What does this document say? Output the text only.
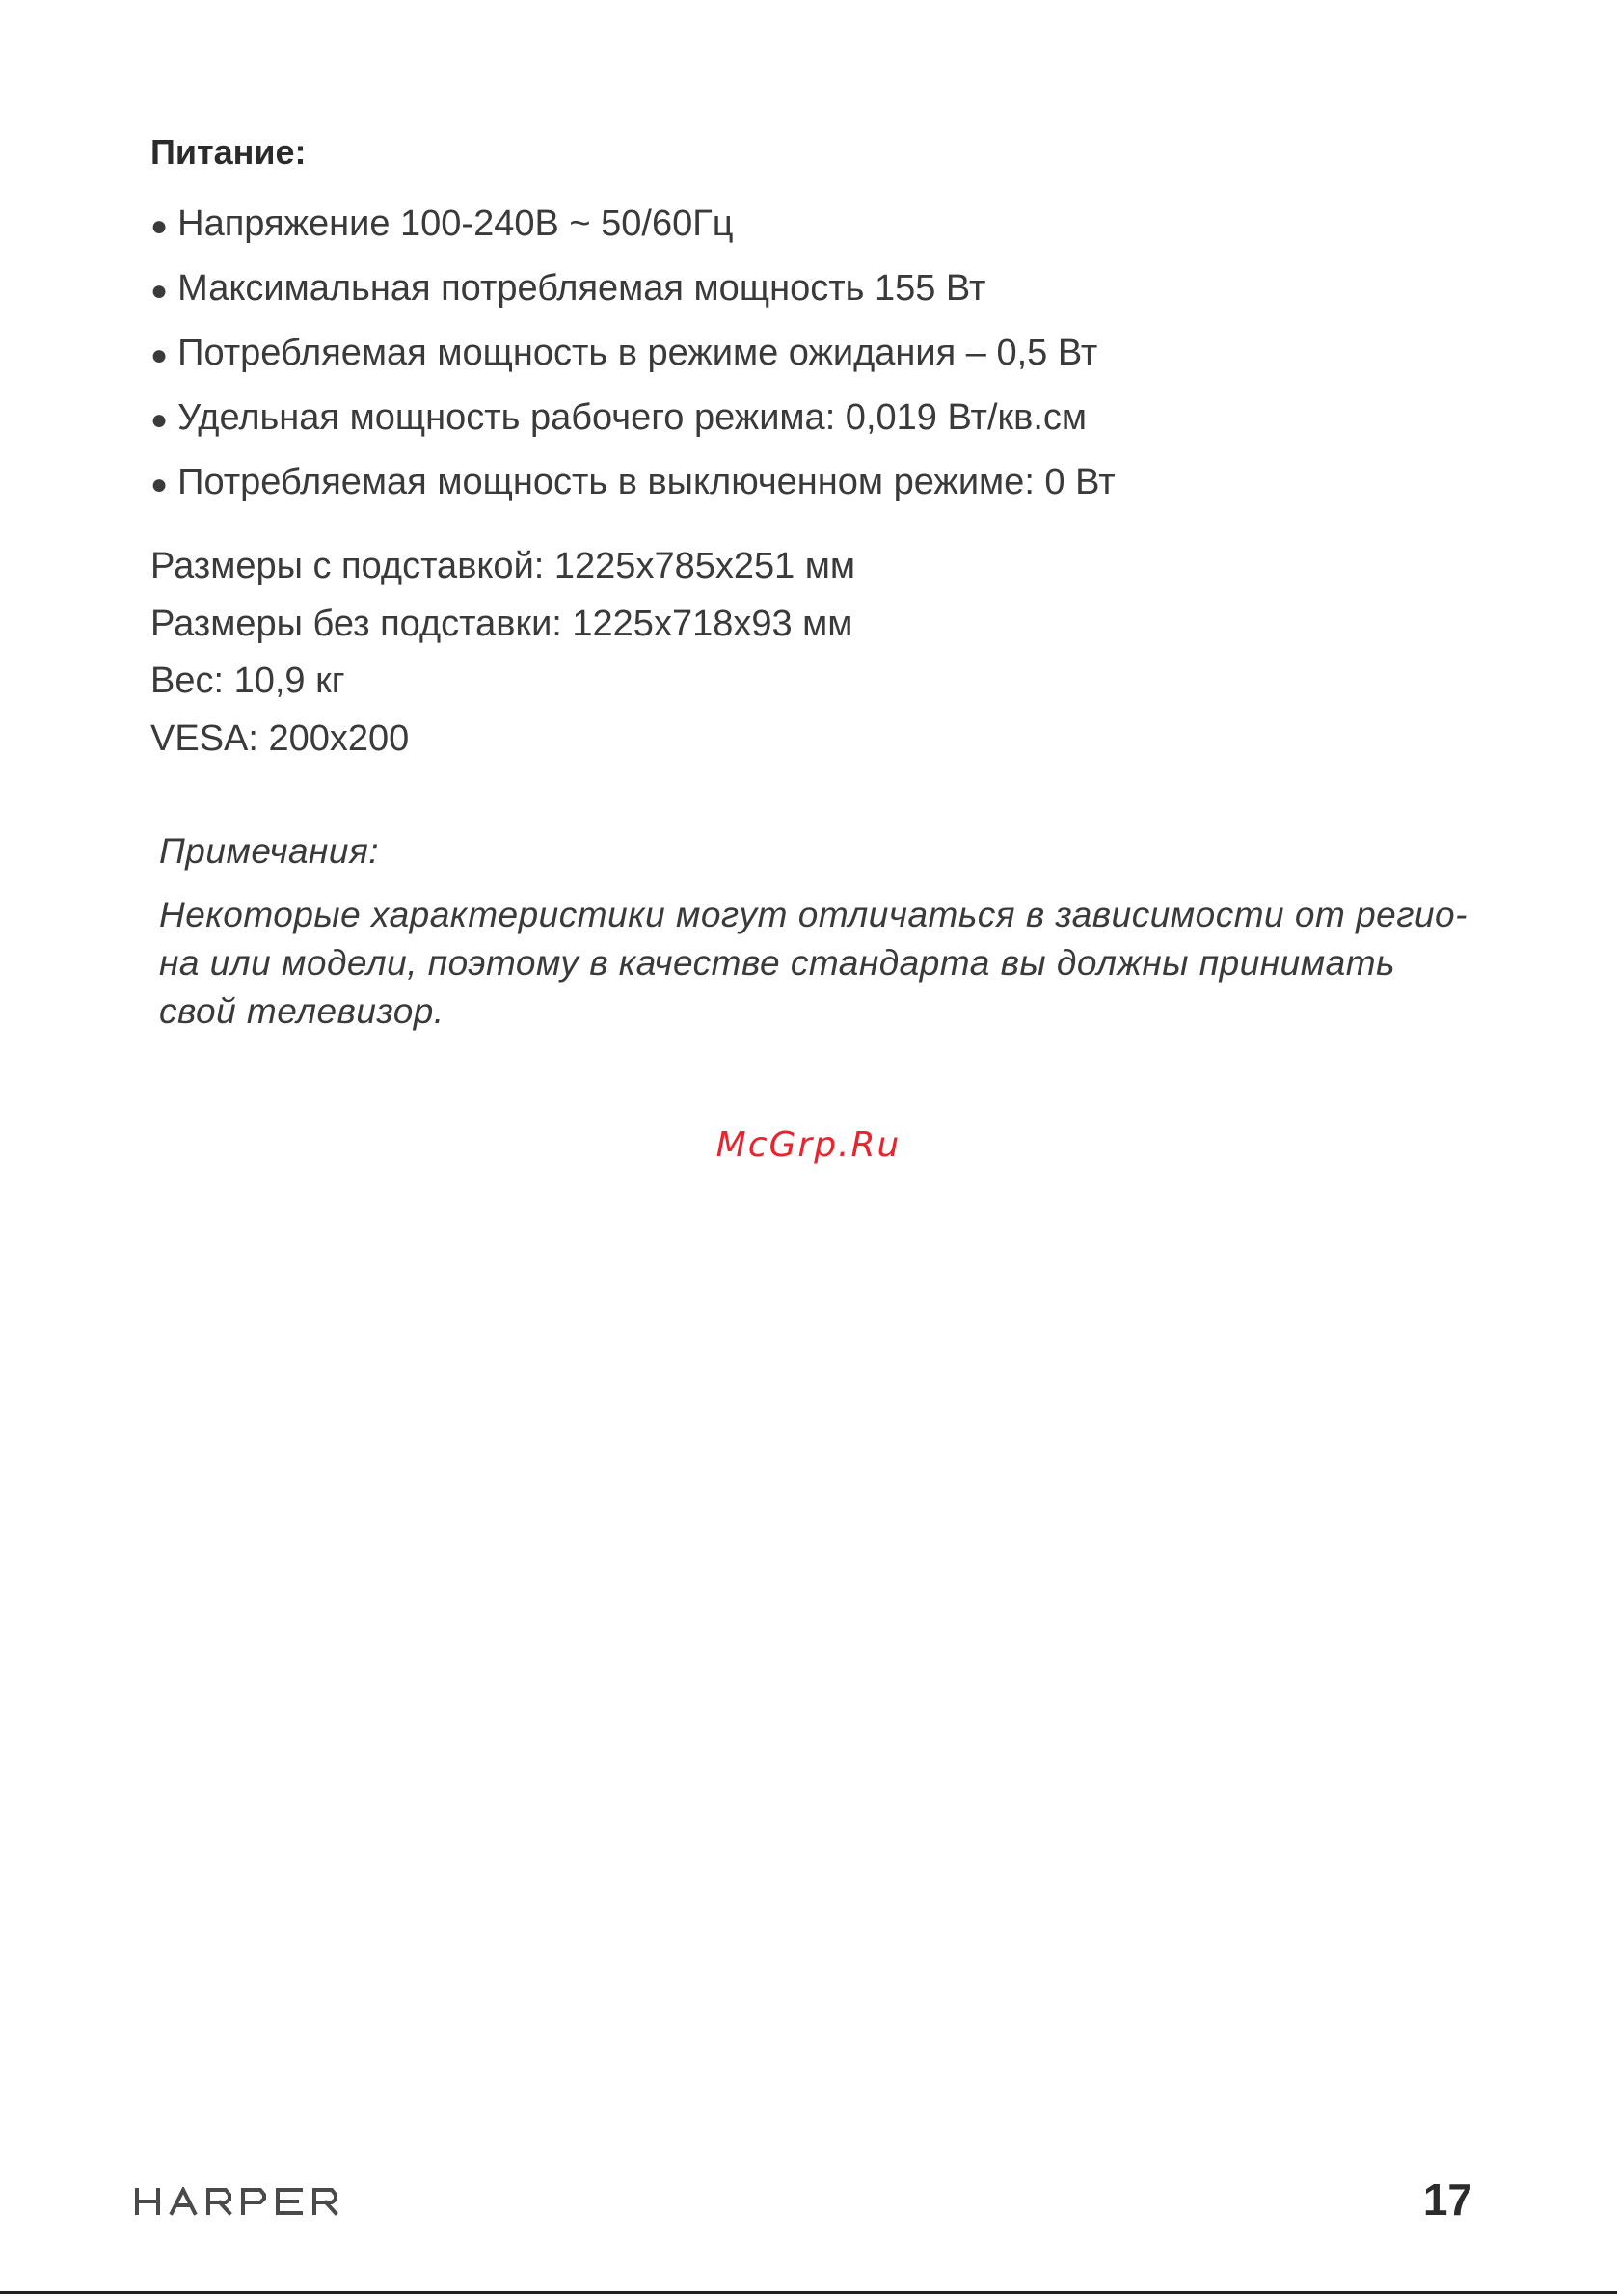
Питание:
● Напряжение 100-240В ~ 50/60Гц
● Максимальная потребляемая мощность 155 Вт
● Потребляемая мощность в режиме ожидания – 0,5 Вт
● Удельная мощность рабочего режима: 0,019 Вт/кв.см
● Потребляемая мощность в выключенном режиме: 0 Вт
Размеры с подставкой: 1225x785x251 мм
Размеры без подставки: 1225x718x93 мм
Вес: 10,9 кг
VESA: 200x200

Примечания:

Некоторые характеристики могут отличаться в зависимости от регио-на или модели, поэтому в качестве стандарта вы должны принимать свой телевизор.

McGrp.Ru
17
